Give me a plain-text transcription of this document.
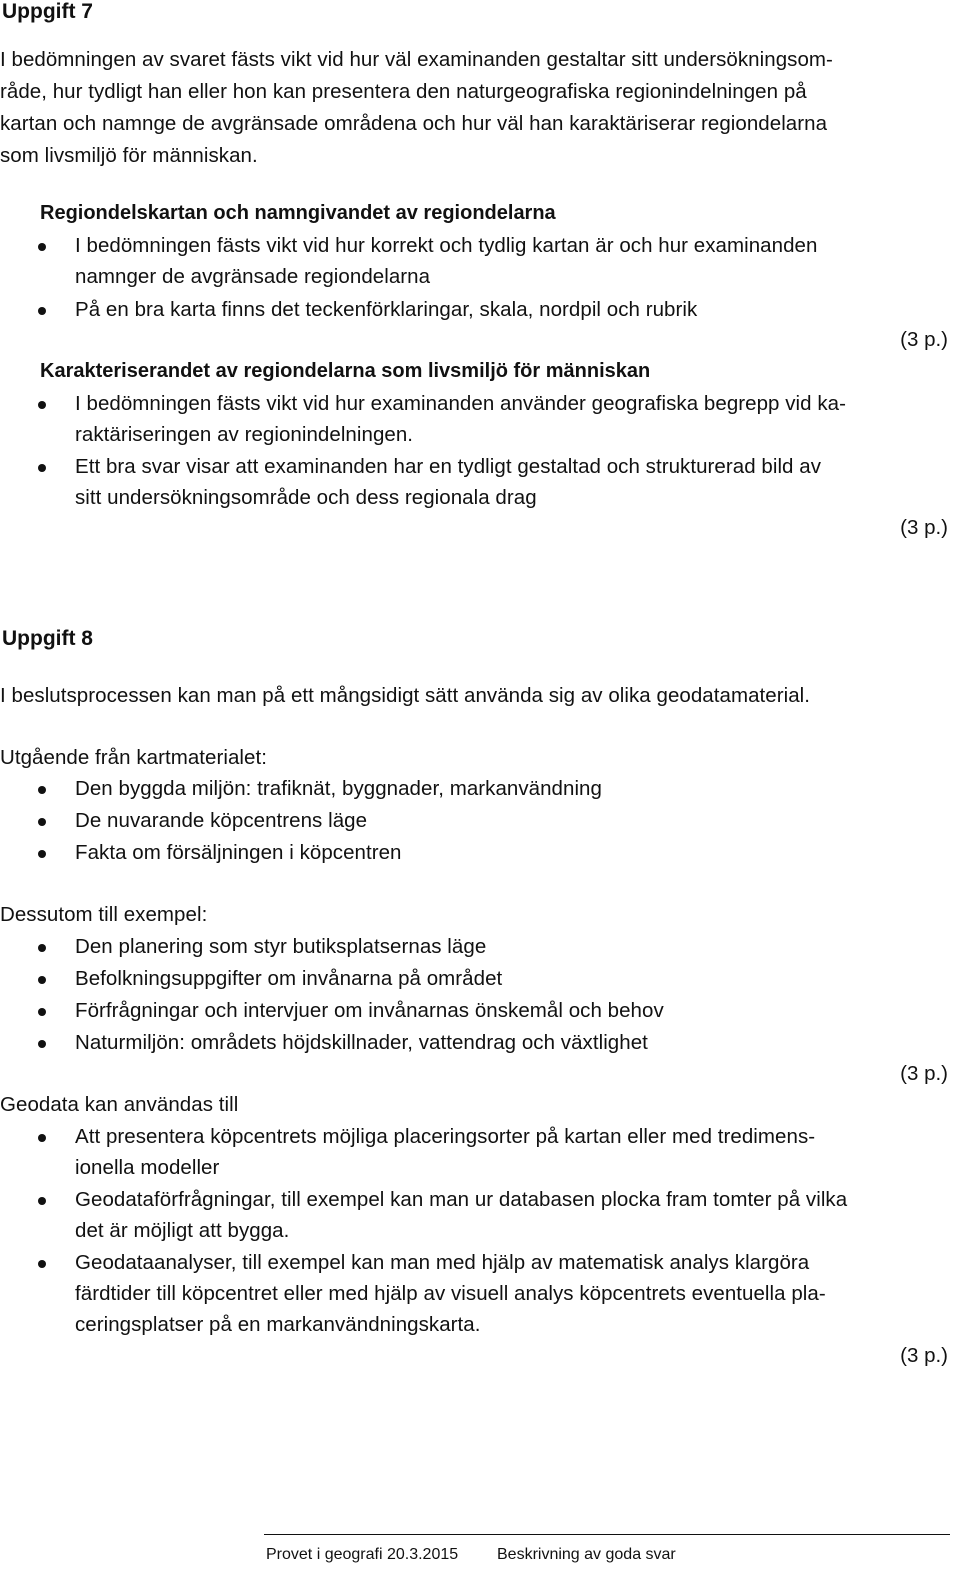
Uppgift 7
I bedömningen av svaret fästs vikt vid hur väl examinanden gestaltar sitt undersökningsom-
råde, hur tydligt han eller hon kan presentera den naturgeografiska regionindelningen på
kartan och namnge de avgränsade områdena och hur väl han karaktäriserar regiondelarna
som livsmiljö för människan.
Regiondelskartan och namngivandet av regiondelarna
I bedömningen fästs vikt vid hur korrekt och tydlig kartan är och hur examinanden
namnger de avgränsade regiondelarna
På en bra karta finns det teckenförklaringar, skala, nordpil och rubrik
(3 p.)
Karakteriserandet av regiondelarna som livsmiljö för människan
I bedömningen fästs vikt vid hur examinanden använder geografiska begrepp vid ka-
raktäriseringen av regionindelningen.
Ett bra svar visar att examinanden har en tydligt gestaltad och strukturerad bild av
sitt undersökningsområde och dess regionala drag
(3 p.)
Uppgift 8
I beslutsprocessen kan man på ett mångsidigt sätt använda sig av olika geodatamaterial.
Utgående från kartmaterialet:
Den byggda miljön: trafiknät, byggnader, markanvändning
De nuvarande köpcentrens läge
Fakta om försäljningen i köpcentren
Dessutom till exempel:
Den planering som styr butiksplatsernas läge
Befolkningsuppgifter om invånarna på området
Förfrågningar och intervjuer om invånarnas önskemål och behov
Naturmiljön: områdets höjdskillnader, vattendrag och växtlighet
(3 p.)
Geodata kan användas till
Att presentera köpcentrets möjliga placeringsorter på kartan eller med tredimens-
ionella modeller
Geodataförfrågningar, till exempel kan man ur databasen plocka fram tomter på vilka
det är möjligt att bygga.
Geodataanalyser, till exempel kan man med hjälp av matematisk analys klargöra
färdtider till köpcentret eller med hjälp av visuell analys köpcentrets eventuella pla-
ceringsplatser på en markanvändningskarta.
(3 p.)
Provet i geografi 20.3.2015 Beskrivning av goda svar
